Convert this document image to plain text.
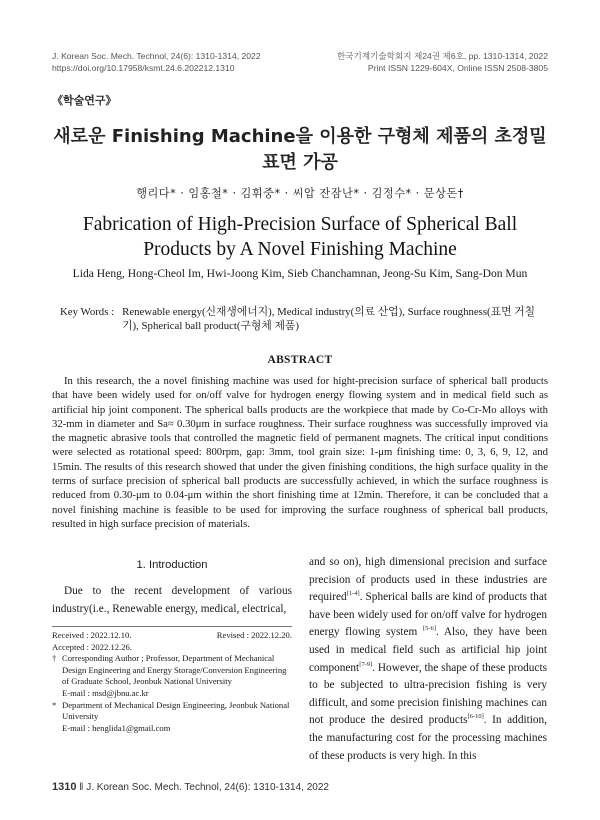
J. Korean Soc. Mech. Technol, 24(6): 1310-1314, 2022
https://doi.org/10.17958/ksmt.24.6.202212.1310
한국기계기술학회지 제24권 제6호, pp. 1310-1314, 2022
Print ISSN 1229-604X, Online ISSN 2508-3805
《학술연구》
새로운 Finishing Machine을 이용한 구형체 제품의 초정밀
표면 가공
행리다* · 임홍철* · 김휘중* · 씨압 잔잠난* · 김정수* · 문상돈†
Fabrication of High-Precision Surface of Spherical Ball
Products by A Novel Finishing Machine
Lida Heng, Hong-Cheol Im, Hwi-Joong Kim, Sieb Chanchamnan, Jeong-Su Kim, Sang-Don Mun
Key Words : Renewable energy(신재생에너지), Medical industry(의료 산업), Surface roughness(표면 거칠기), Spherical ball product(구형체 제품)
ABSTRACT
In this research, the a novel finishing machine was used for hight-precision surface of spherical ball products that have been widely used for on/off valve for hydrogen energy flowing system and in medical field such as artificial hip joint component. The spherical balls products are the workpiece that made by Co-Cr-Mo alloys with 32-mm in diameter and Sa≈ 0.30μm in surface roughness. Their surface roughness was successfully improved via the magnetic abrasive tools that controlled the magnetic field of permanent magnets. The critical input conditions were selected as rotational speed: 800rpm, gap: 3mm, tool grain size: 1-μm finishing time: 0, 3, 6, 9, 12, and 15min. The results of this research showed that under the given finishing conditions, the high surface quality in the terms of surface precision of spherical ball products are successfully achieved, in which the surface roughness is reduced from 0.30-μm to 0.04-μm within the short finishing time at 12min. Therefore, it can be concluded that a novel finishing machine is feasible to be used for improving the surface roughness of spherical ball products, resulted in high surface precision of materials.
1. Introduction
Due to the recent development of various industry(i.e., Renewable energy, medical, electrical,
Received : 2022.12.10.	Revised : 2022.12.20.
Accepted : 2022.12.26.
† Corresponding Author ; Professor, Department of Mechanical Design Engineering and Energy Storage/Conversion Engineering of Graduate School, Jeonbuk National University
E-mail : msd@jbnu.ac.kr
* Department of Mechanical Design Engineering, Jeonbuk National University
E-mail : henglida1@gmail.com
and so on), high dimensional precision and surface precision of products used in these industries are required[1-4]. Spherical balls are kind of products that have been widely used for on/off valve for hydrogen energy flowing system [5-6]. Also, they have been used in medical field such as artificial hip joint component[7-9]. However, the shape of these products to be subjected to ultra-precision fishing is very difficult, and some precision finishing machines can not produce the desired products[6-10]. In addition, the manufacturing cost for the processing machines of these products is very high. In this
1310 ‖ J. Korean Soc. Mech. Technol, 24(6): 1310-1314, 2022
